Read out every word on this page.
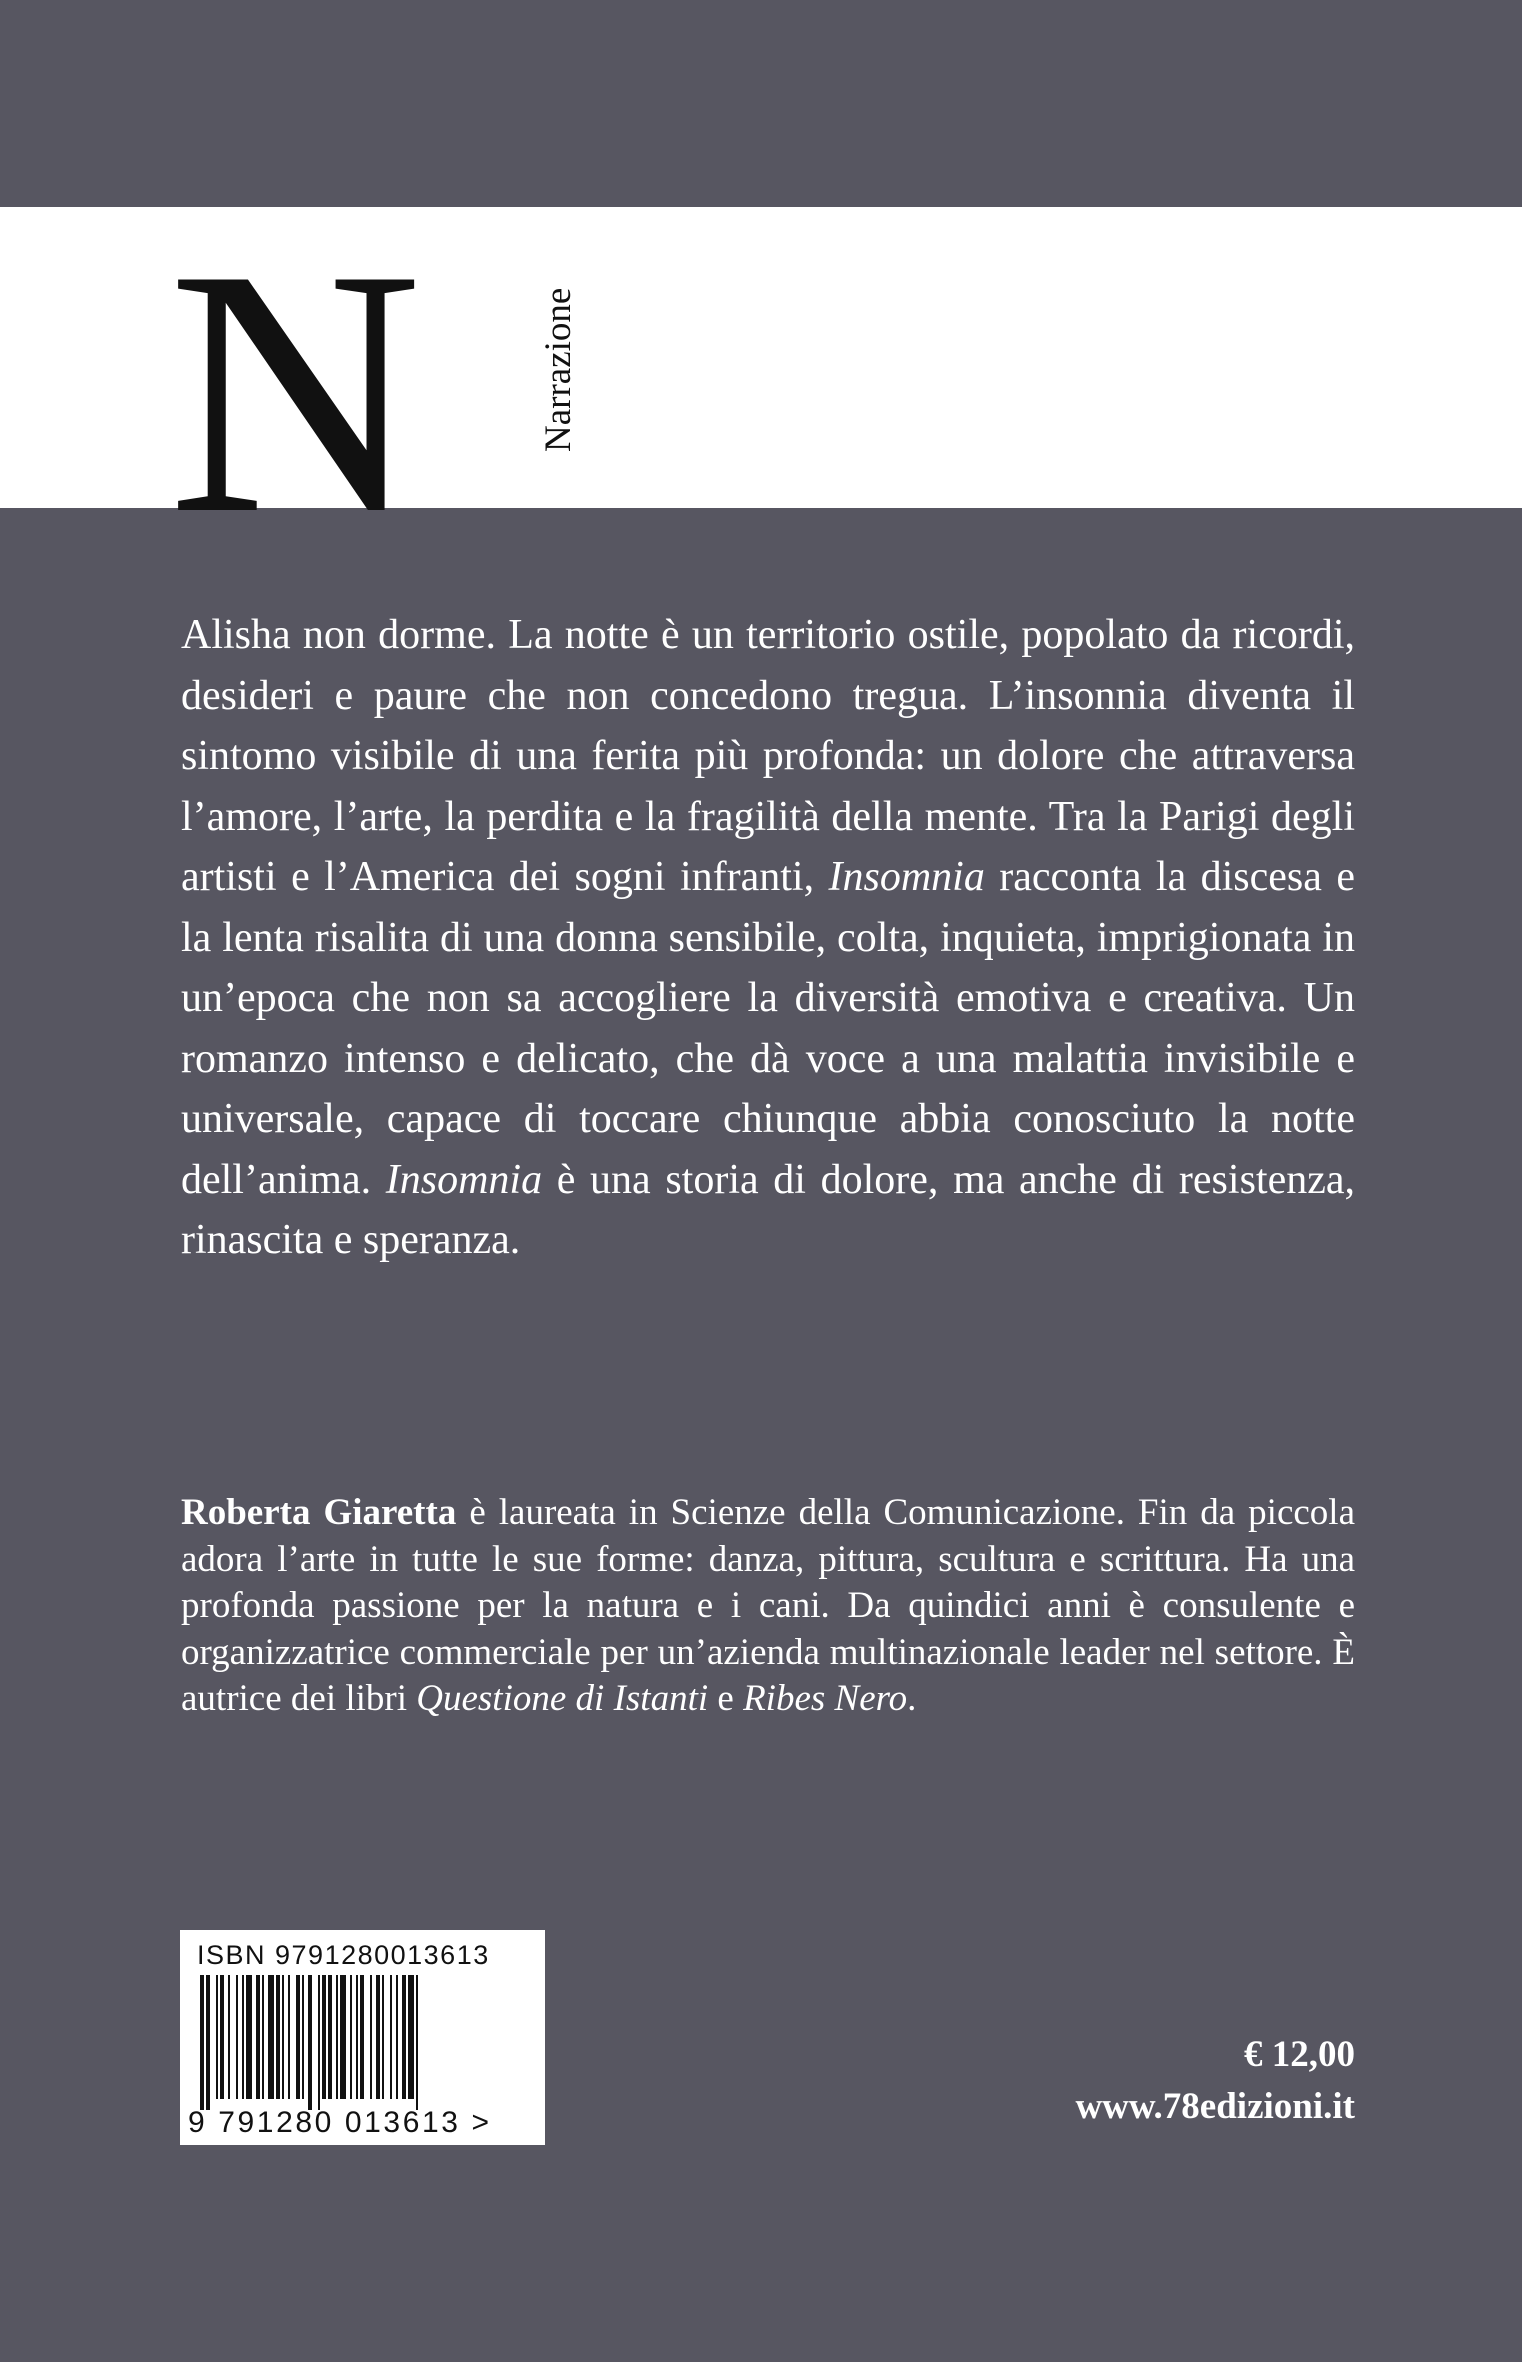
N	Narrazione

Alisha non dorme. La notte è un territorio ostile, popolato da ricordi, desideri e paure che non concedono tregua. L’insonnia diventa il sintomo visibile di una ferita più profonda: un dolore che attraversa l’amore, l’arte, la perdita e la fragilità della mente. Tra la Parigi degli artisti e l’America dei sogni infranti, Insomnia racconta la discesa e la lenta risalita di una donna sensibile, colta, inquieta, imprigionata in un’epoca che non sa accogliere la diversità emotiva e creativa. Un romanzo intenso e delicato, che dà voce a una malattia invisibile e universale, capace di toccare chiunque abbia conosciuto la notte dell’anima. Insomnia è una storia di dolore, ma anche di resistenza, rinascita e speranza.

Roberta Giaretta è laureata in Scienze della Comunicazione. Fin da piccola adora l’arte in tutte le sue forme: danza, pittura, scultura e scrittura. Ha una profonda passione per la natura e i cani. Da quindici anni è consulente e organizzatrice commerciale per un’azienda multinazionale leader nel settore. È autrice dei libri Questione di Istanti e Ribes Nero.

ISBN 9791280013613
9 791280 013613 >
€ 12,00
www.78edizioni.it
